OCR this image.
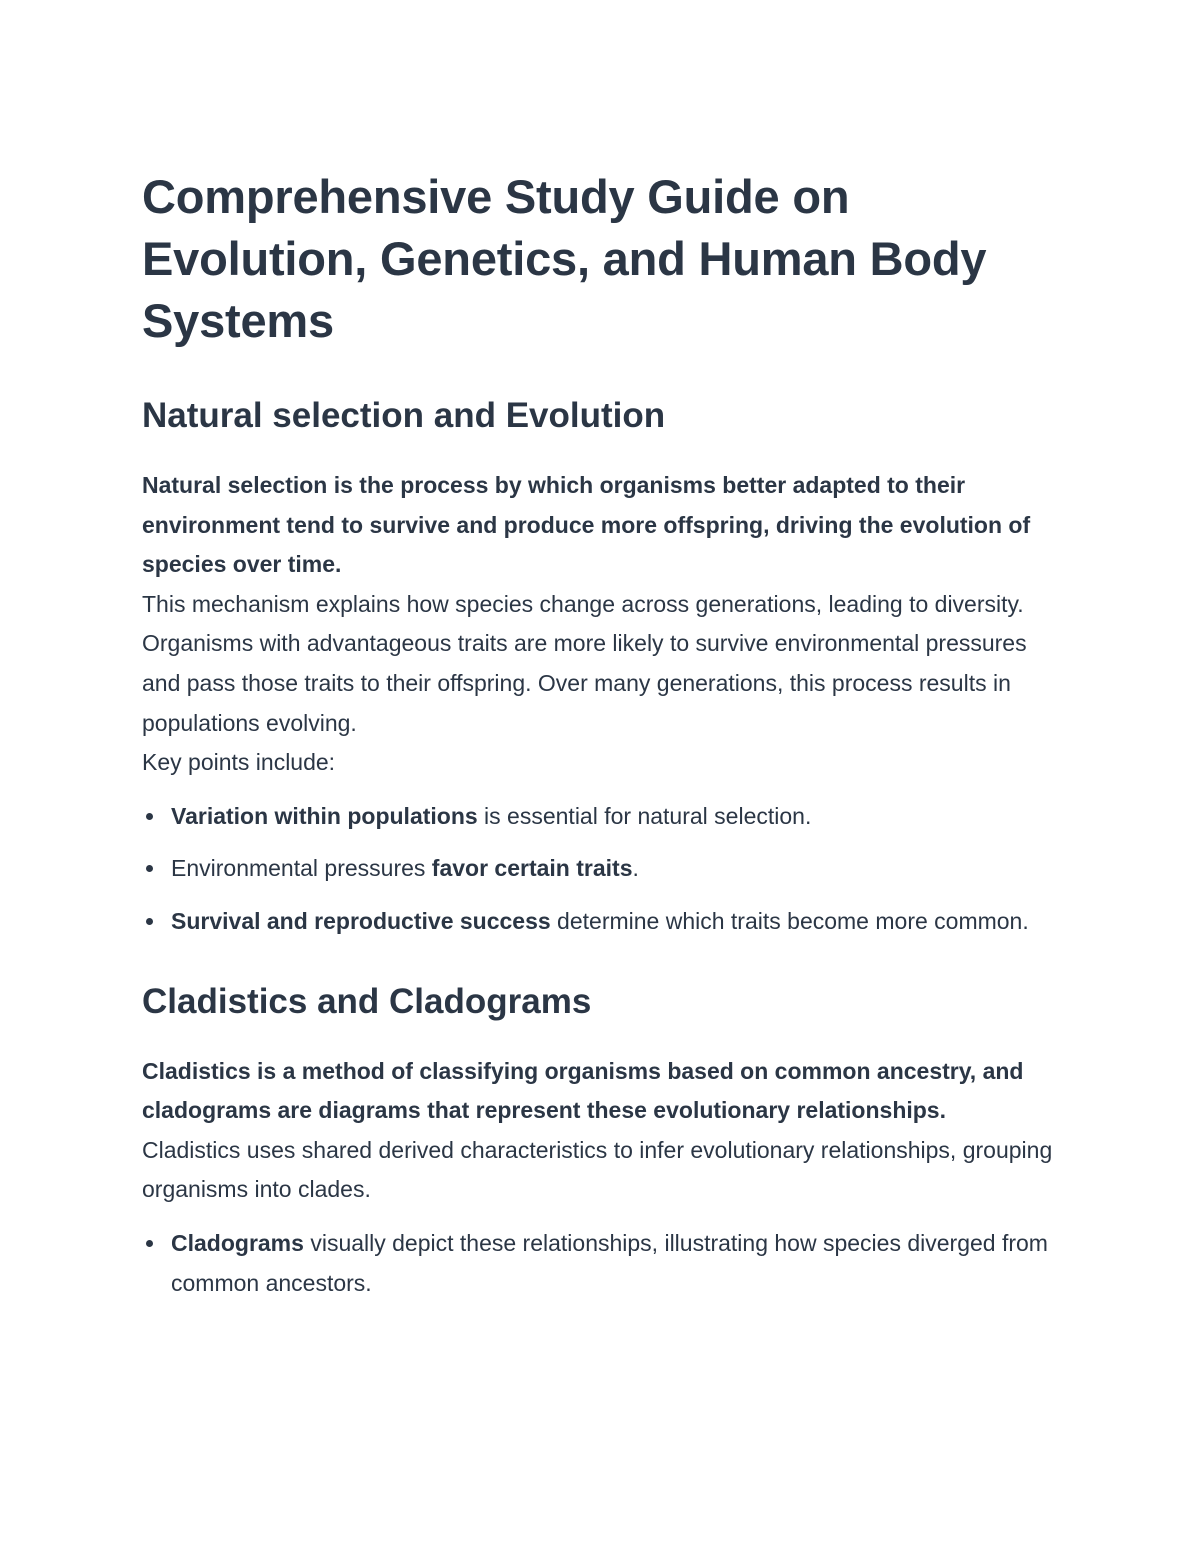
Comprehensive Study Guide on Evolution, Genetics, and Human Body Systems
Natural selection and Evolution

Natural selection is the process by which organisms better adapted to their environment tend to survive and produce more offspring, driving the evolution of species over time.

This mechanism explains how species change across generations, leading to diversity. Organisms with advantageous traits are more likely to survive environmental pressures and pass those traits to their offspring. Over many generations, this process results in populations evolving.

Key points include:

Variation within populations is essential for natural selection.
Environmental pressures favor certain traits.
Survival and reproductive success determine which traits become more common.
Cladistics and Cladograms

Cladistics is a method of classifying organisms based on common ancestry, and cladograms are diagrams that represent these evolutionary relationships.

Cladistics uses shared derived characteristics to infer evolutionary relationships, grouping organisms into clades.

Cladograms visually depict these relationships, illustrating how species diverged from common ancestors.
